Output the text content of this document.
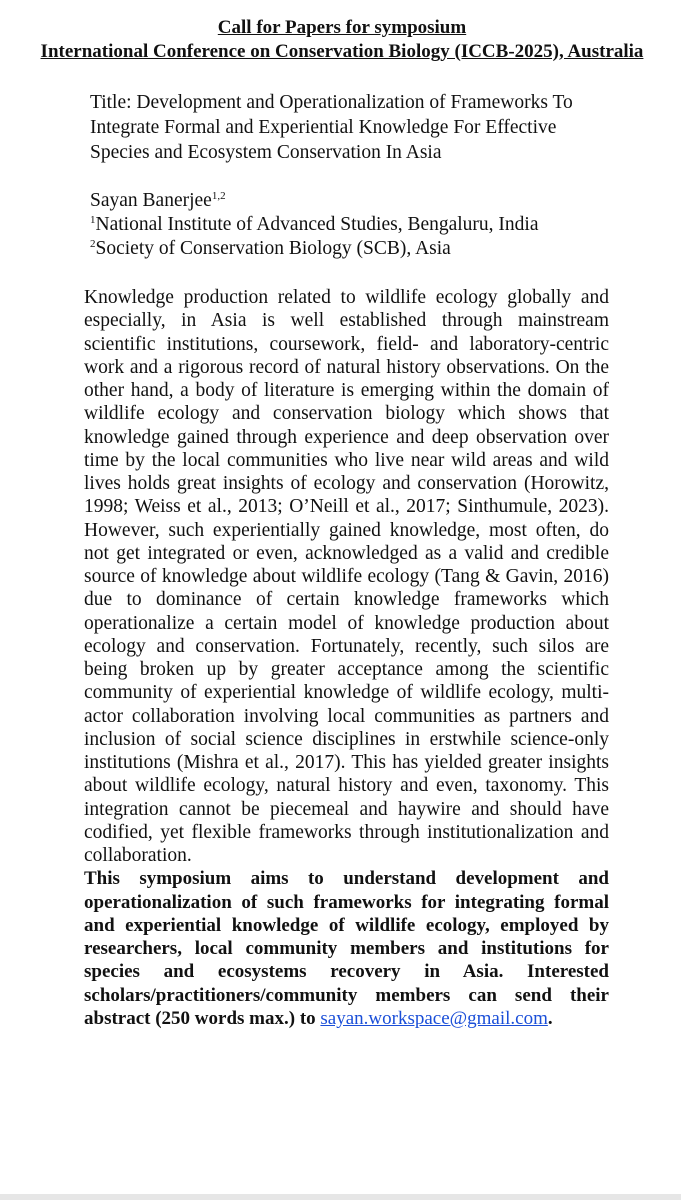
Call for Papers for symposium
International Conference on Conservation Biology (ICCB-2025), Australia
Title: Development and Operationalization of Frameworks To Integrate Formal and Experiential Knowledge For Effective Species and Ecosystem Conservation In Asia
Sayan Banerjee$^{1,2}$
$^1$National Institute of Advanced Studies, Bengaluru, India
$^2$Society of Conservation Biology (SCB), Asia

Knowledge production related to wildlife ecology globally and especially, in Asia is well established through mainstream scientific institutions, coursework, field- and laboratory-centric work and a rigorous record of natural history observations. On the other hand, a body of literature is emerging within the domain of wildlife ecology and conservation biology which shows that knowledge gained through experience and deep observation over time by the local communities who live near wild areas and wild lives holds great insights of ecology and conservation (Horowitz, 1998; Weiss et al., 2013; O’Neill et al., 2017; Sinthumule, 2023). However, such experientially gained knowledge, most often, do not get integrated or even, acknowledged as a valid and credible source of knowledge about wildlife ecology (Tang & Gavin, 2016) due to dominance of certain knowledge frameworks which operationalize a certain model of knowledge production about ecology and conservation. Fortunately, recently, such silos are being broken up by greater acceptance among the scientific community of experiential knowledge of wildlife ecology, multi-actor collaboration involving local communities as partners and inclusion of social science disciplines in erstwhile science-only institutions (Mishra et al., 2017). This has yielded greater insights about wildlife ecology, natural history and even, taxonomy. This integration cannot be piecemeal and haywire and should have codified, yet flexible frameworks through institutionalization and collaboration.

This symposium aims to understand development and operationalization of such frameworks for integrating formal and experiential knowledge of wildlife ecology, employed by researchers, local community members and institutions for species and ecosystems recovery in Asia. Interested scholars/practitioners/community members can send their abstract (250 words max.) to sayan.workspace@gmail.com.
